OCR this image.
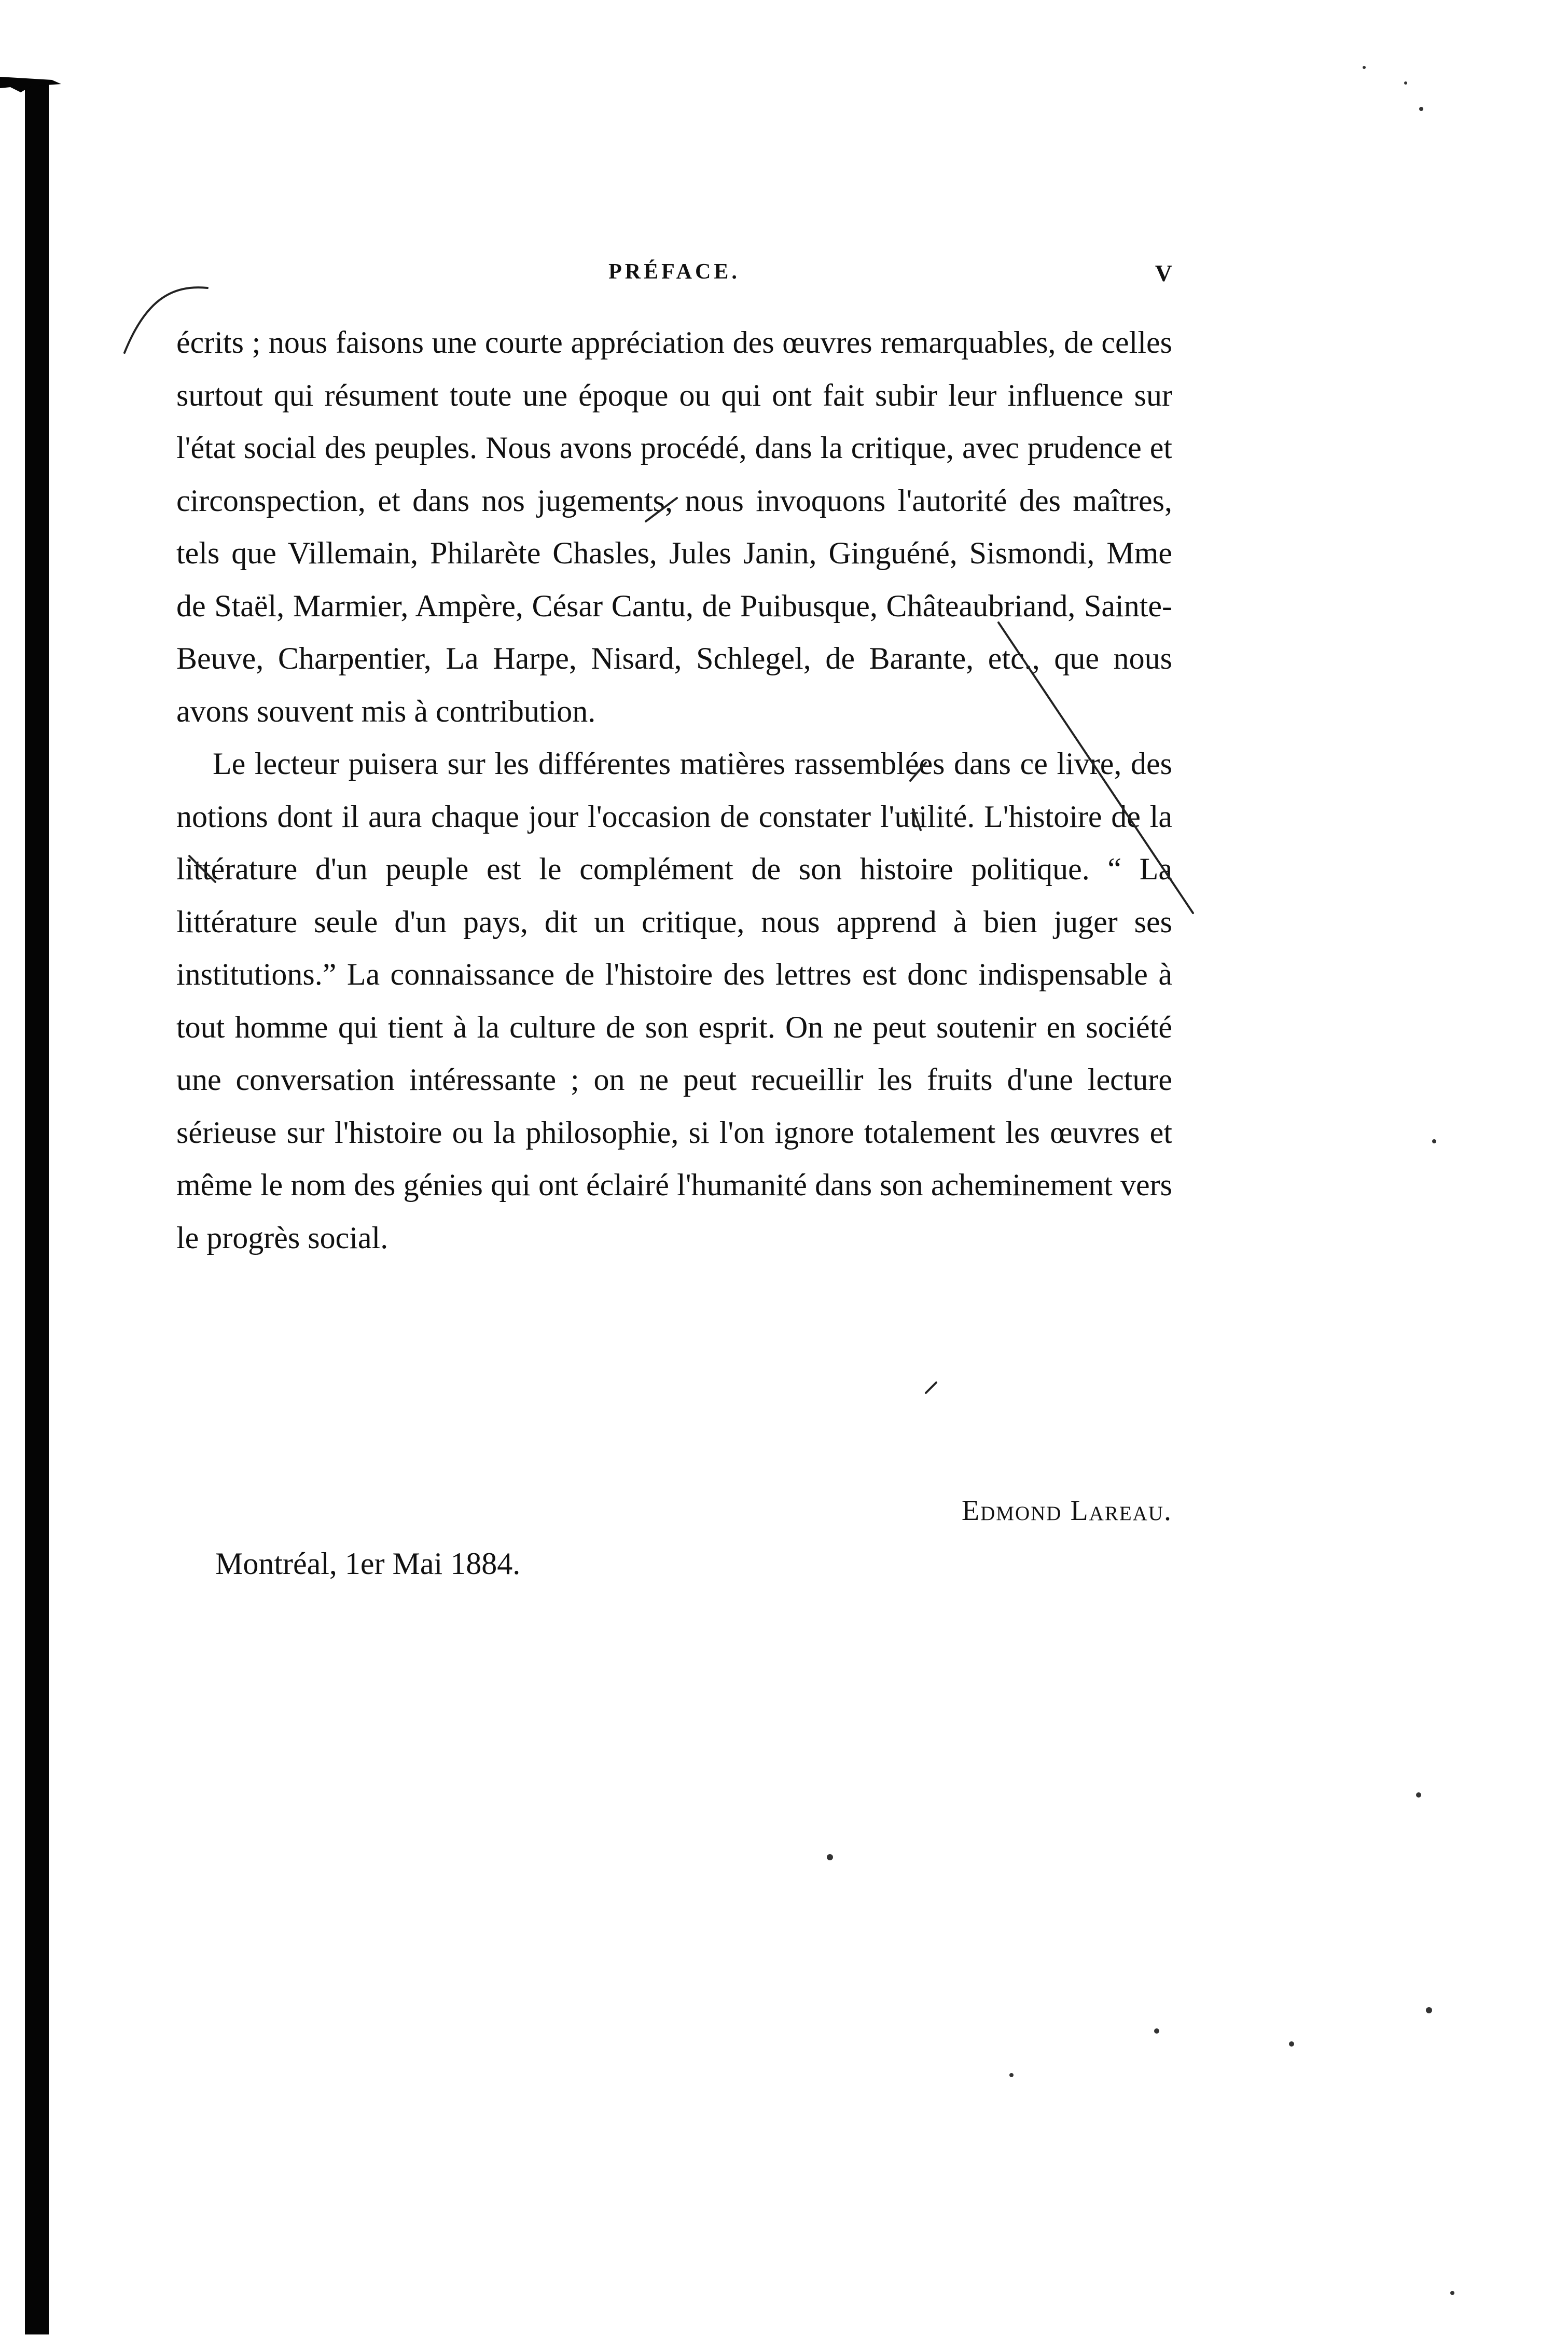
PRÉFACE.	V

écrits ; nous faisons une courte appréciation des œuvres remarquables, de celles surtout qui résument toute une époque ou qui ont fait subir leur influence sur l'état social des peuples. Nous avons procédé, dans la critique, avec prudence et circonspection, et dans nos jugements, nous invoquons l'autorité des maîtres, tels que Villemain, Philarète Chasles, Jules Janin, Ginguéné, Sismondi, Mme de Staël, Marmier, Ampère, César Cantu, de Puibusque, Châteaubriand, Sainte-Beuve, Charpentier, La Harpe, Nisard, Schlegel, de Barante, etc., que nous avons souvent mis à contribution.

Le lecteur puisera sur les différentes matières rassemblées dans ce livre, des notions dont il aura chaque jour l'occasion de constater l'utilité. L'histoire de la littérature d'un peuple est le complément de son histoire politique. “ La littérature seule d'un pays, dit un critique, nous apprend à bien juger ses institutions.” La connaissance de l'histoire des lettres est donc indispensable à tout homme qui tient à la culture de son esprit. On ne peut soutenir en société une conversation intéressante ; on ne peut recueillir les fruits d'une lecture sérieuse sur l'histoire ou la philosophie, si l'on ignore totalement les œuvres et même le nom des génies qui ont éclairé l'humanité dans son acheminement vers le progrès social.

Edmond Lareau.
Montréal, 1er Mai 1884.
